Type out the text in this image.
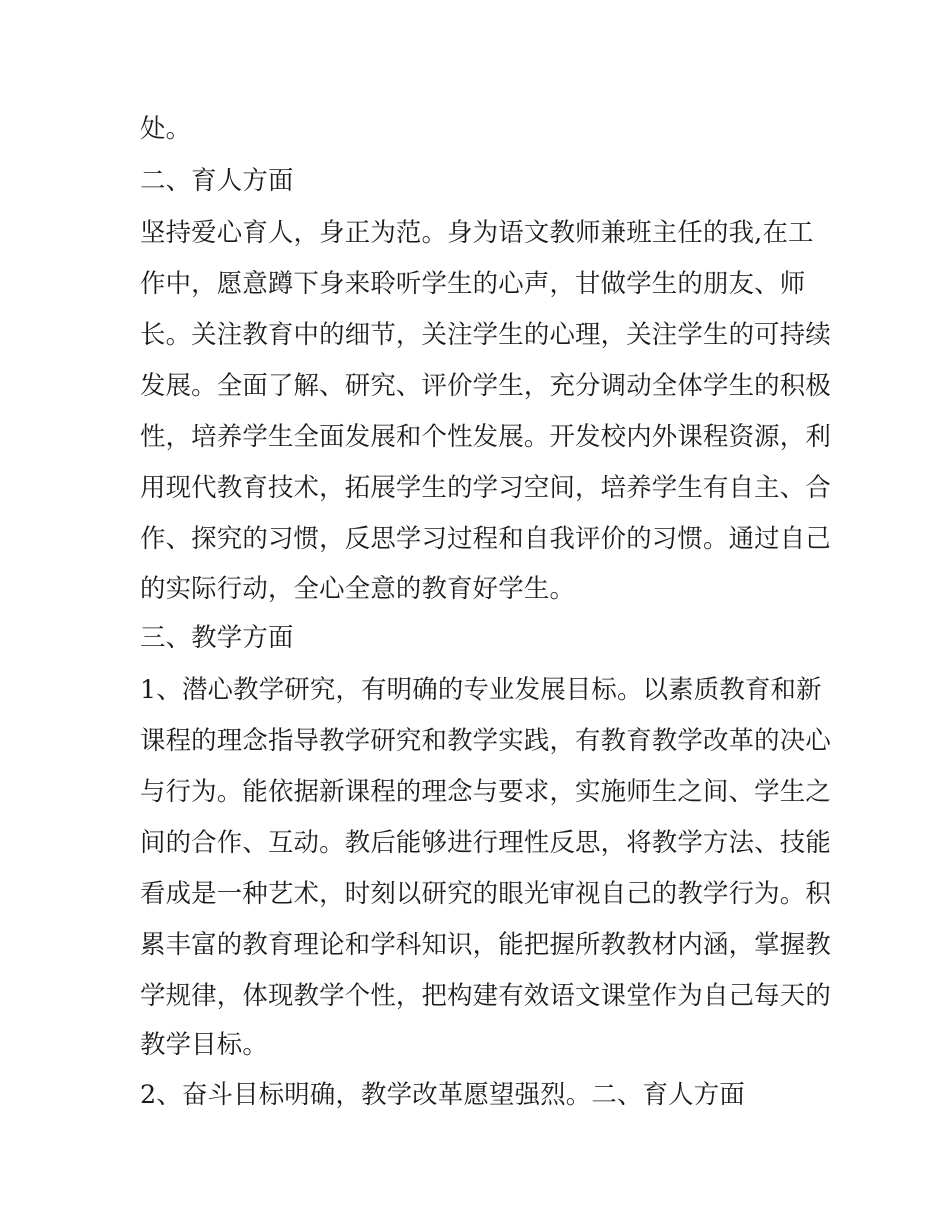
处。

二、育人方面

坚持爱心育人，身正为范。身为语文教师兼班主任的我,在工

作中，愿意蹲下身来聆听学生的心声，甘做学生的朋友、师

长。关注教育中的细节，关注学生的心理，关注学生的可持续

发展。全面了解、研究、评价学生，充分调动全体学生的积极

性，培养学生全面发展和个性发展。开发校内外课程资源，利

用现代教育技术，拓展学生的学习空间，培养学生有自主、合

作、探究的习惯，反思学习过程和自我评价的习惯。通过自己

的实际行动，全心全意的教育好学生。

三、教学方面

1、潜心教学研究，有明确的专业发展目标。以素质教育和新

课程的理念指导教学研究和教学实践，有教育教学改革的决心

与行为。能依据新课程的理念与要求，实施师生之间、学生之

间的合作、互动。教后能够进行理性反思，将教学方法、技能

看成是一种艺术，时刻以研究的眼光审视自己的教学行为。积

累丰富的教育理论和学科知识，能把握所教教材内涵，掌握教

学规律，体现教学个性，把构建有效语文课堂作为自己每天的

教学目标。

2、奋斗目标明确，教学改革愿望强烈。二、育人方面
